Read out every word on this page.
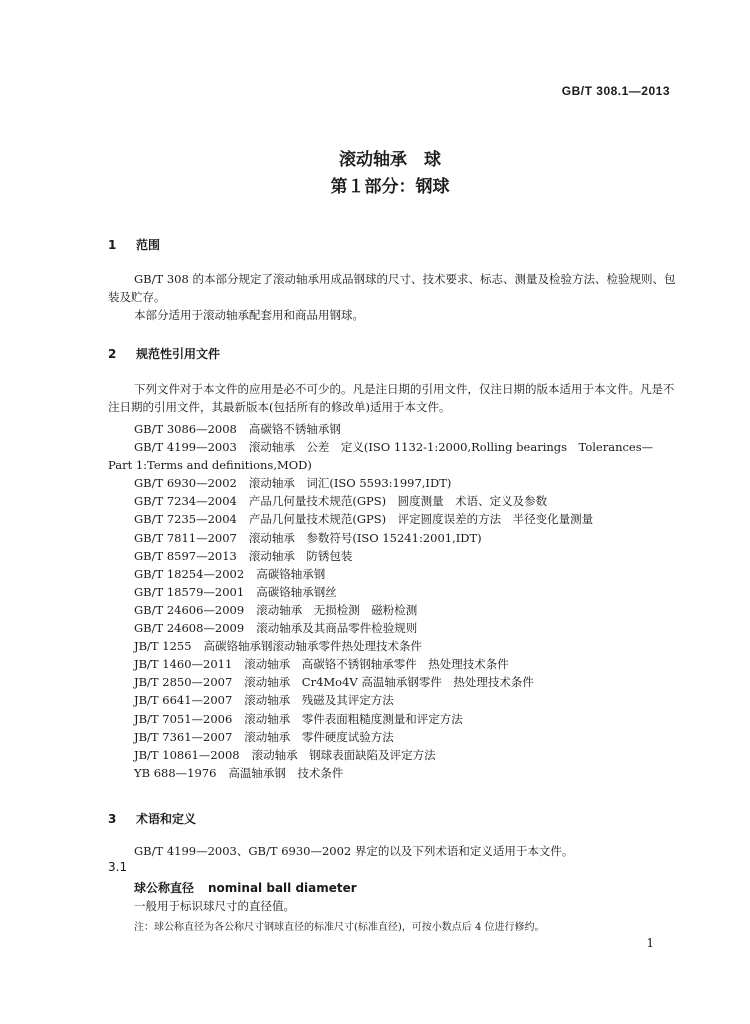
GB/T 308.1—2013
滚动轴承　球
第１部分：钢球
1 范围
GB/T 308 的本部分规定了滚动轴承用成品钢球的尺寸、技术要求、标志、测量及检验方法、检验规则、包装及贮存。
本部分适用于滚动轴承配套用和商品用钢球。
2 规范性引用文件
下列文件对于本文件的应用是必不可少的。凡是注日期的引用文件，仅注日期的版本适用于本文件。凡是不注日期的引用文件，其最新版本(包括所有的修改单)适用于本文件。
GB/T 3086—2008 高碳铬不锈轴承钢
GB/T 4199—2003 滚动轴承　公差　定义(ISO 1132-1:2000,Rolling bearings　Tolerances—
Part 1:Terms and definitions,MOD)
GB/T 6930—2002 滚动轴承　词汇(ISO 5593:1997,IDT)
GB/T 7234—2004 产品几何量技术规范(GPS)　圆度测量　术语、定义及参数
GB/T 7235—2004 产品几何量技术规范(GPS)　评定圆度误差的方法　半径变化量测量
GB/T 7811—2007 滚动轴承　参数符号(ISO 15241:2001,IDT)
GB/T 8597—2013 滚动轴承　防锈包装
GB/T 18254—2002 高碳铬轴承钢
GB/T 18579—2001 高碳铬轴承钢丝
GB/T 24606—2009 滚动轴承　无损检测　磁粉检测
GB/T 24608—2009 滚动轴承及其商品零件检验规则
JB/T 1255 高碳铬轴承钢滚动轴承零件热处理技术条件
JB/T 1460—2011 滚动轴承　高碳铬不锈钢轴承零件　热处理技术条件
JB/T 2850—2007 滚动轴承　Cr4Mo4V 高温轴承钢零件　热处理技术条件
JB/T 6641—2007 滚动轴承　残磁及其评定方法
JB/T 7051—2006 滚动轴承　零件表面粗糙度测量和评定方法
JB/T 7361—2007 滚动轴承　零件硬度试验方法
JB/T 10861—2008 滚动轴承　钢球表面缺陷及评定方法
YB 688—1976 高温轴承钢　技术条件
3 术语和定义
GB/T 4199—2003、GB/T 6930—2002 界定的以及下列术语和定义适用于本文件。
3.1
球公称直径 nominal ball diameter
一般用于标识球尺寸的直径值。
注：球公称直径为各公称尺寸钢球直径的标准尺寸(标准直径)，可按小数点后 4 位进行修约。
1
